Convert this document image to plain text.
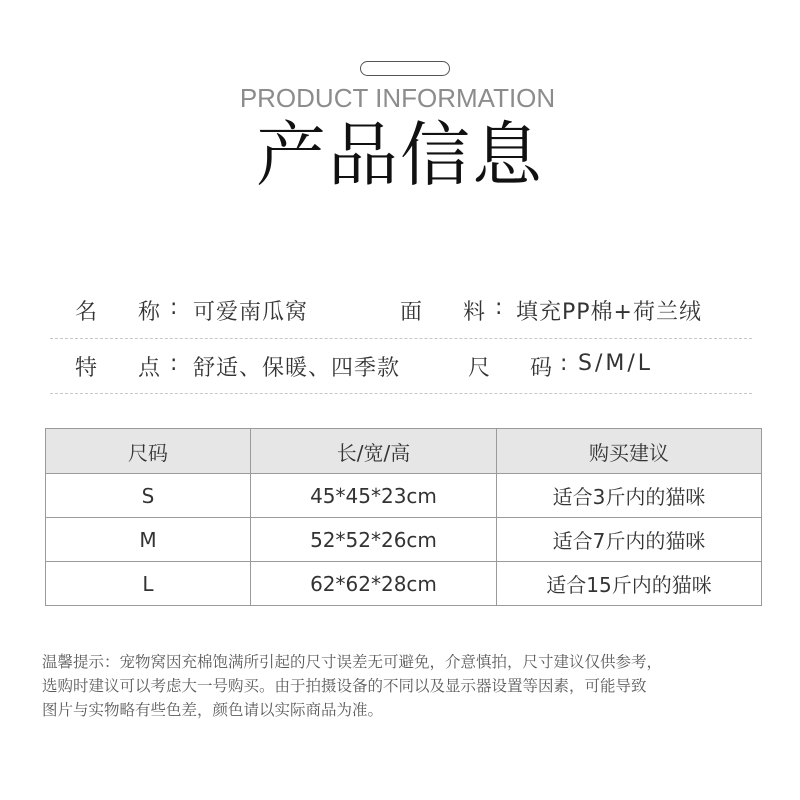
PRODUCT INFORMATION
产品信息
名 称 : 可爱南瓜窝	面 料 : 填充PP棉+荷兰绒
特 点 : 舒适、保暖、四季款	尺 码 : S/M/L
尺码	长/宽/高	购买建议
S	45*45*23cm	适合3斤内的猫咪
M	52*52*26cm	适合7斤内的猫咪
L	62*62*28cm	适合15斤内的猫咪
温馨提示：宠物窝因充棉饱满所引起的尺寸误差无可避免，介意慎拍，尺寸建议仅供参考，
选购时建议可以考虑大一号购买。由于拍摄设备的不同以及显示器设置等因素，可能导致
图片与实物略有些色差，颜色请以实际商品为准。
